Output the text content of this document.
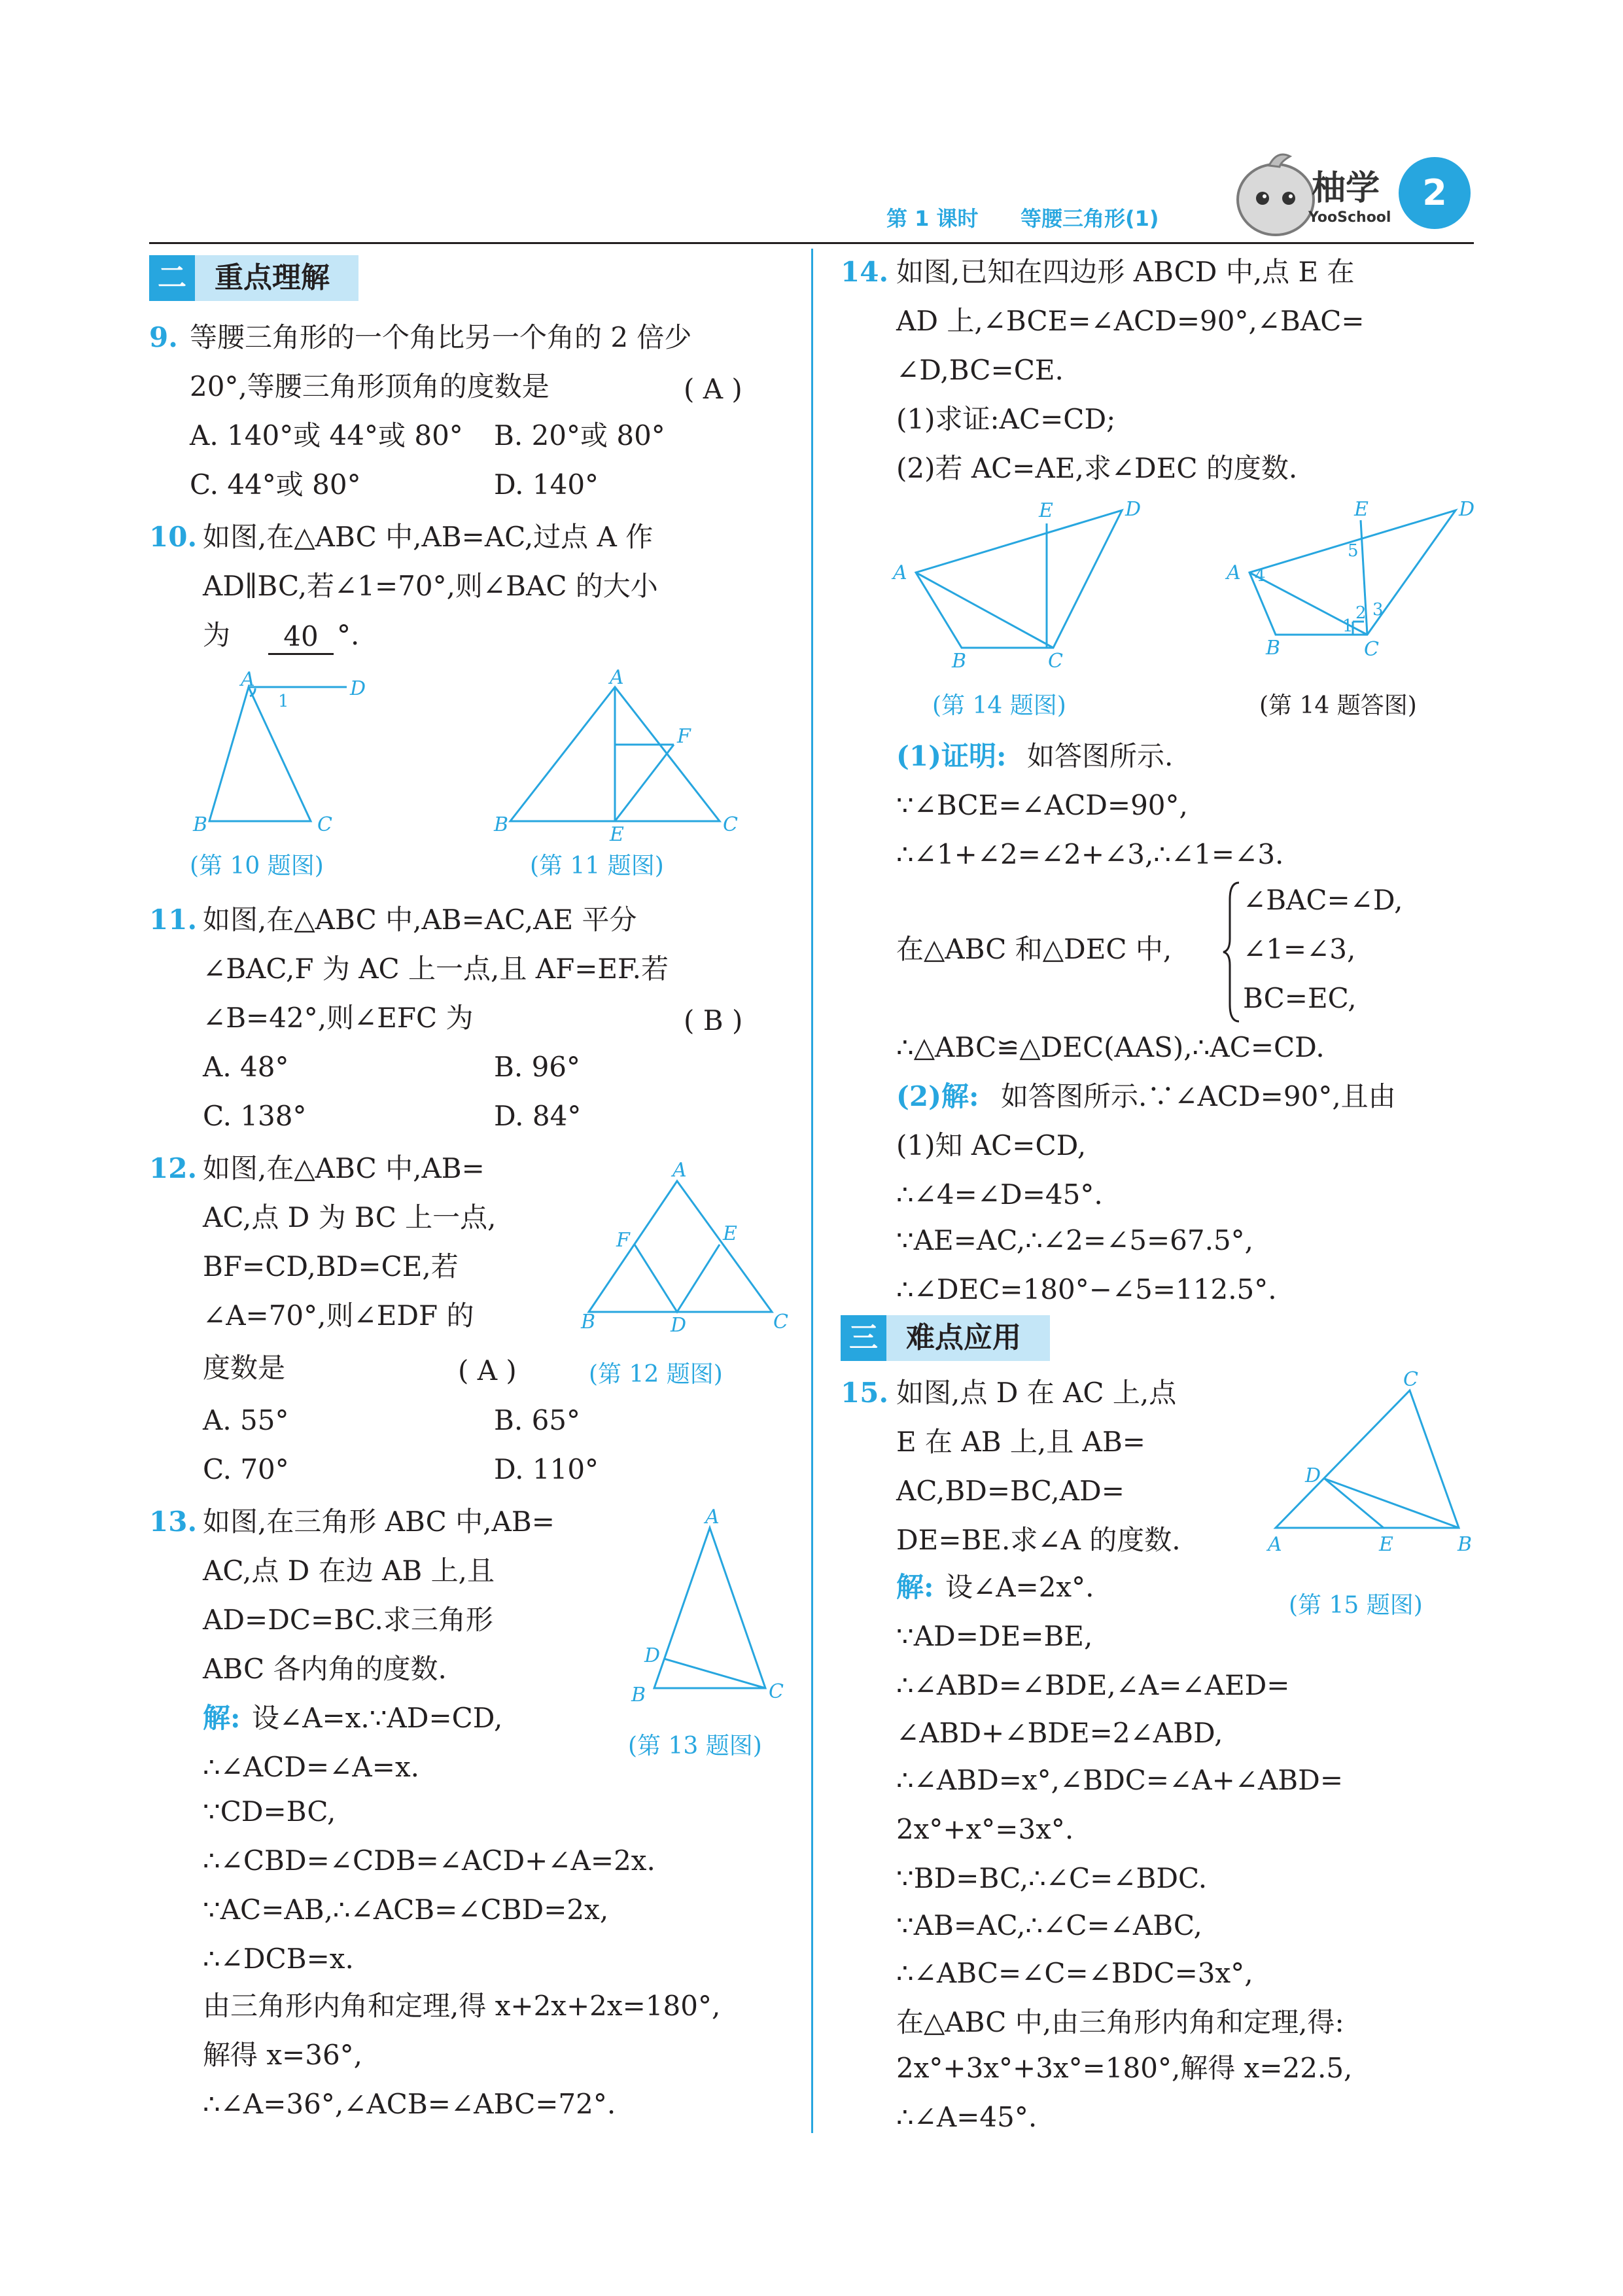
第 1 课时 等腰三角形(1)
柚学
YooSchool
2
二 重点理解
9. 等腰三角形的一个角比另一个角的 2 倍少
20°,等腰三角形顶角的度数是	( A )
A. 140°或 44°或 80° B. 20°或 80°
C. 44°或 80°	D. 140°
10. 如图,在△ABC 中,AB=AC,过点 A 作
AD∥BC,若∠1=70°,则∠BAC 的大小
为	40 °.
A	D
1
B	C
(第 10 题图)
A
F
B	E	C
(第 11 题图)
11. 如图,在△ABC 中,AB=AC,AE 平分
∠BAC,F 为 AC 上一点,且 AF=EF.若
∠B=42°,则∠EFC 为	( B )
A. 48°	B. 96°
C. 138°	D. 84°
12. 如图,在△ABC 中,AB=
AC,点 D 为 BC 上一点,
BF=CD,BD=CE,若
∠A=70°,则∠EDF 的
度数是	( A )
A. 55°	B. 65°
C. 70°	D. 110°
A
F	E
B	D	C
(第 12 题图)
13. 如图,在三角形 ABC 中,AB=
AC,点 D 在边 AB 上,且
AD=DC=BC.求三角形
ABC 各内角的度数.
解: 设∠A=x.∵AD=CD,
∴∠ACD=∠A=x.
∵CD=BC,
∴∠CBD=∠CDB=∠ACD+∠A=2x.
∵AC=AB,∴∠ACB=∠CBD=2x,
∴∠DCB=x.
由三角形内角和定理,得 x+2x+2x=180°,
解得 x=36°,
∴∠A=36°,∠ACB=∠ABC=72°.
A
D
B	C
(第 13 题图)
14. 如图,已知在四边形 ABCD 中,点 E 在
AD 上,∠BCE=∠ACD=90°,∠BAC=
∠D,BC=CE.
(1)求证:AC=CD;
(2)若 AC=AE,求∠DEC 的度数.
A
E	D
B	C
(第 14 题图)
A 4
E
5
D
3
2
1
B	C
(第 14 题答图)
(1)证明: 如答图所示.
∵∠BCE=∠ACD=90°,
∴∠1+∠2=∠2+∠3,∴∠1=∠3.
在△ABC 和△DEC 中,
∠BAC=∠D,
∠1=∠3,
BC=EC,
∴△ABC≌△DEC(AAS),∴AC=CD.
(2)解: 如答图所示.∵∠ACD=90°,且由
(1)知 AC=CD,
∴∠4=∠D=45°.
∵AE=AC,∴∠2=∠5=67.5°,
∴∠DEC=180°−∠5=112.5°.
三 难点应用
15. 如图,点 D 在 AC 上,点
E 在 AB 上,且 AB=
AC,BD=BC,AD=
DE=BE.求∠A 的度数.
解: 设∠A=2x°.
∵AD=DE=BE,
∴∠ABD=∠BDE,∠A=∠AED=
∠ABD+∠BDE=2∠ABD,
∴∠ABD=x°,∠BDC=∠A+∠ABD=
2x°+x°=3x°.
∵BD=BC,∴∠C=∠BDC.
∵AB=AC,∴∠C=∠ABC,
∴∠ABC=∠C=∠BDC=3x°,
在△ABC 中,由三角形内角和定理,得:
2x°+3x°+3x°=180°,解得 x=22.5,
∴∠A=45°.
C
D
A	E	B
(第 15 题图)
